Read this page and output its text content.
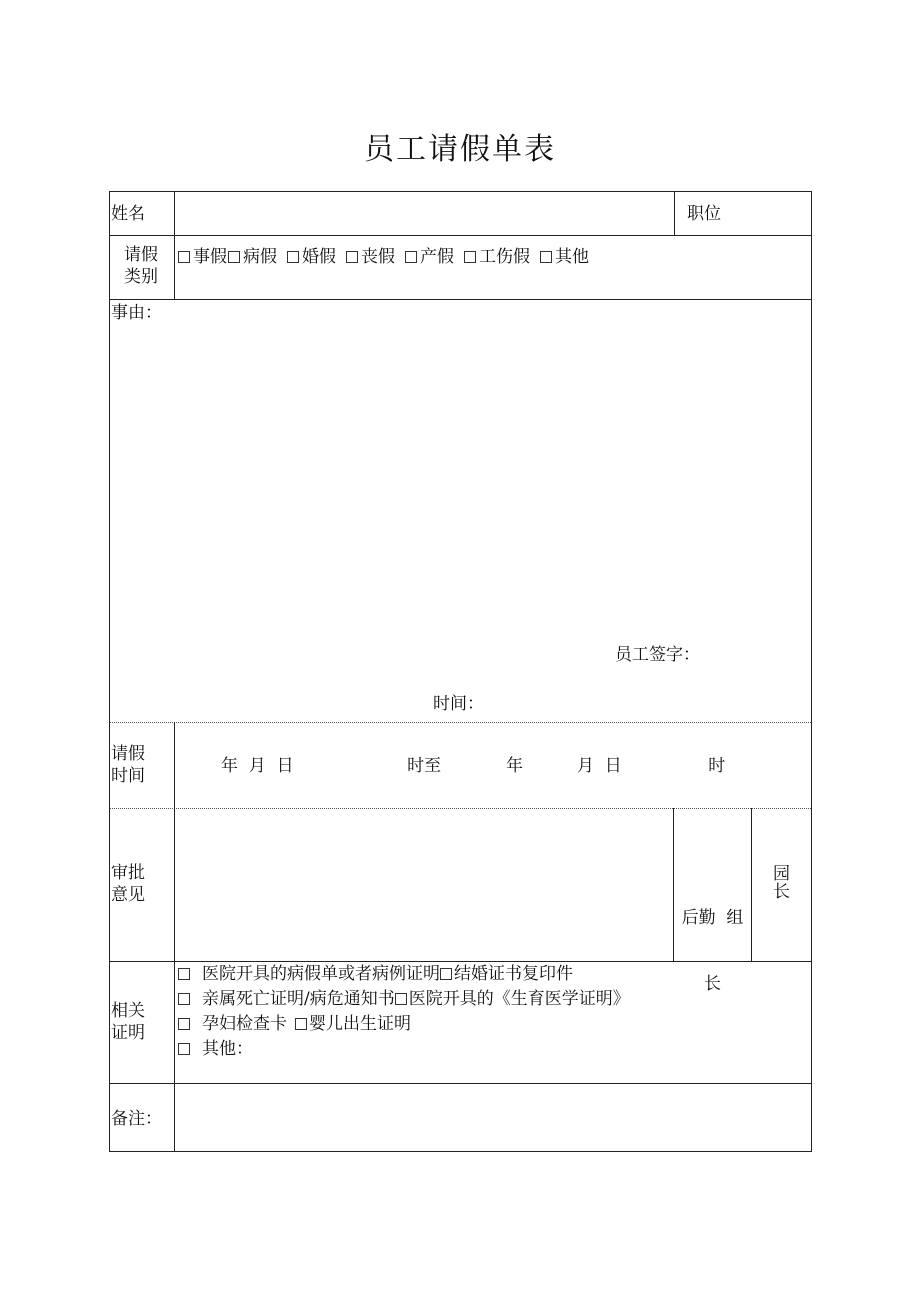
员工请假单表
姓名	职位
请假
类别
事假 病假 婚假 丧假 产假 工伤假 其他
事由：
员工签字：
时间：
请假
时间	年  月  日                     时至            年          月  日                时
审批
意见

后勤  组

长

园
长
相关
证明
医院开具的病假单或者病例证明 结婚证书复印件
亲属死亡证明/病危通知书 医院开具的《生育医学证明》
孕妇检查卡 婴儿出生证明
其他：
备注：
